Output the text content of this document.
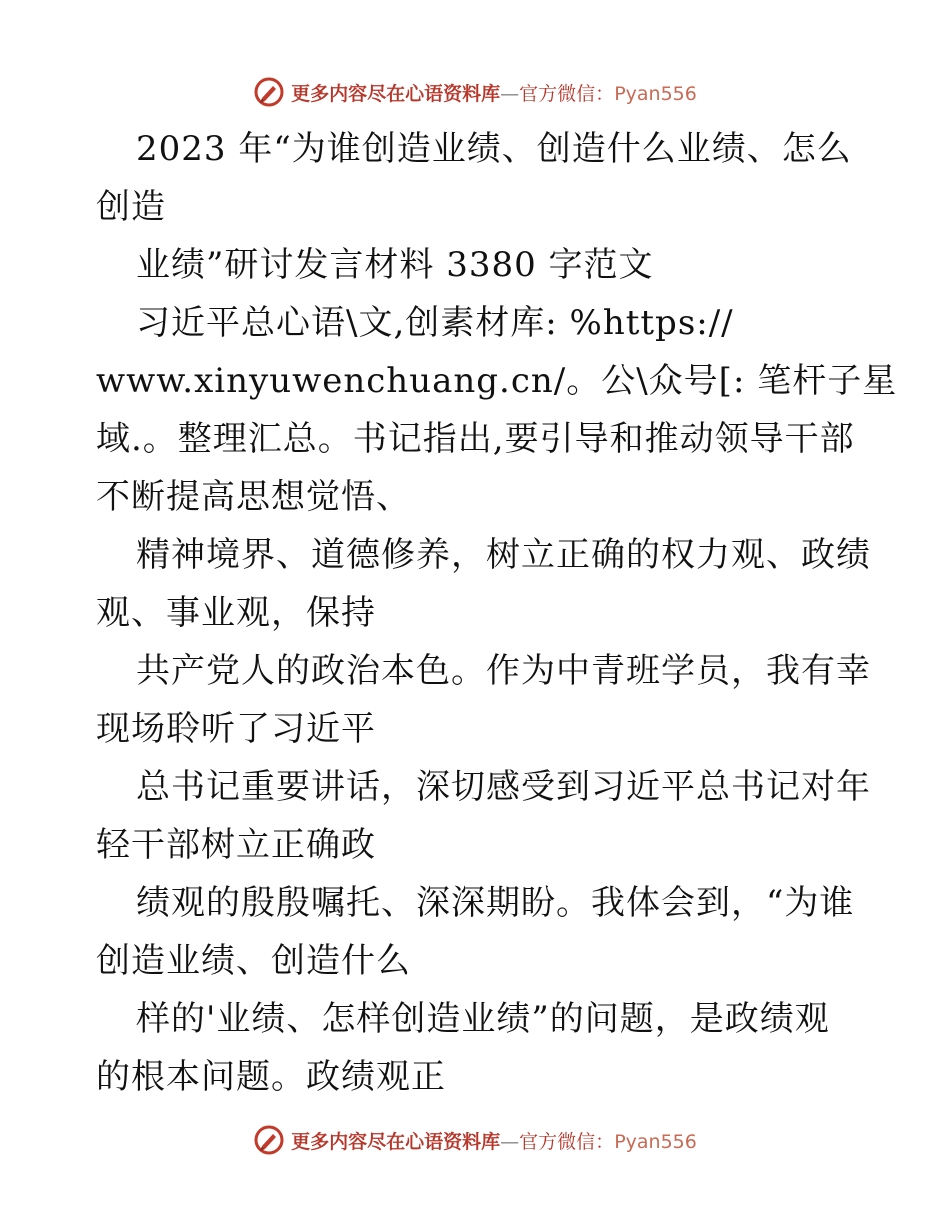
更多内容尽在心语资料库—官方微信：Pyan556
2023 年“为谁创造业绩、创造什么业绩、怎么
创造
业绩”研讨发言材料 3380 字范文
习近平总心语\文,创素材库: %https://
www.xinyuwenchuang.cn/。公\众号[: 笔杆子星
域.。整理汇总。书记指出,要引导和推动领导干部
不断提高思想觉悟、
精神境界、道德修养，树立正确的权力观、政绩
观、事业观，保持
共产党人的政治本色。作为中青班学员，我有幸
现场聆听了习近平
总书记重要讲话，深切感受到习近平总书记对年
轻干部树立正确政
绩观的殷殷嘱托、深深期盼。我体会到，“为谁
创造业绩、创造什么
样的'业绩、怎样创造业绩”的问题，是政绩观
的根本问题。政绩观正
更多内容尽在心语资料库—官方微信：Pyan556
